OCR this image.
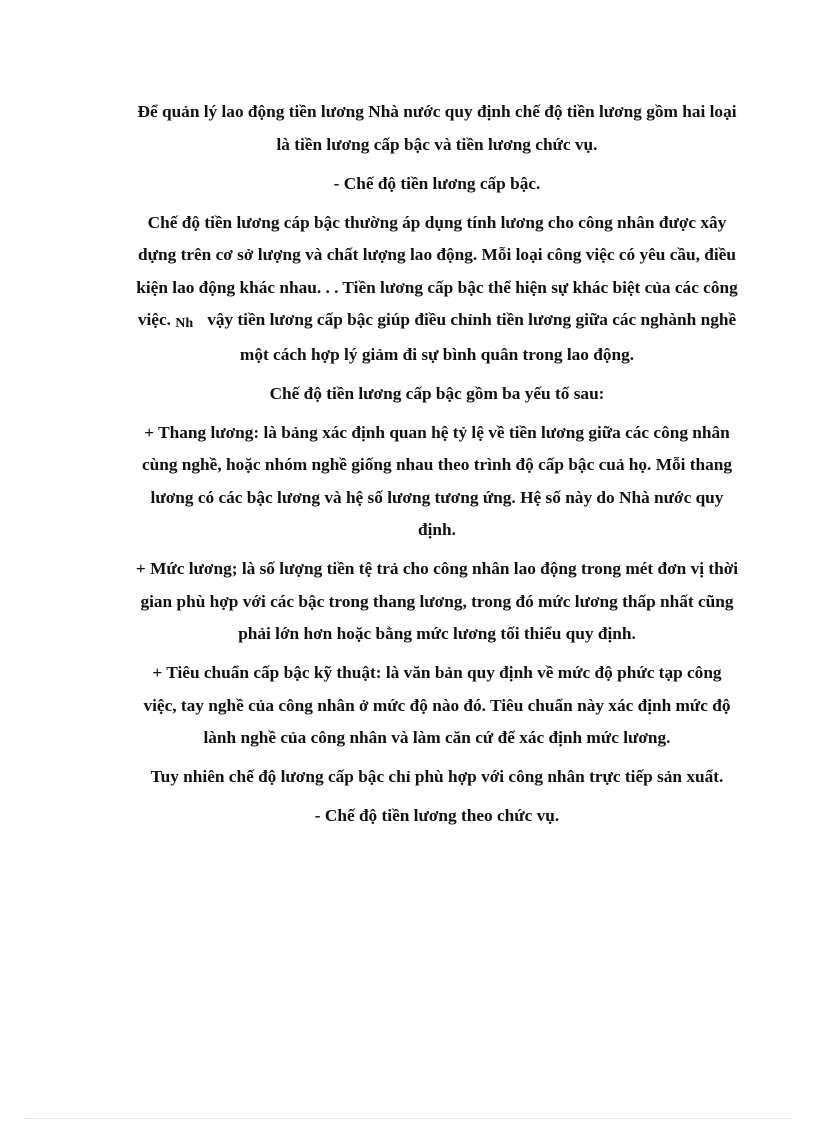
Để quản lý lao động tiền lương Nhà nước quy định chế độ tiền lương gồm hai loại là tiền lương cấp bậc và tiền lương chức vụ.

- Chế độ tiền lương cấp bậc.

Chế độ tiền lương cáp bậc thường áp dụng tính lương cho công nhân được xây dựng trên cơ sở lượng và chất lượng lao động. Mỗi loại công việc có yêu cầu, điều kiện lao động khác nhau. . . Tiền lương cấp bậc thể hiện sự khác biệt của các công việc. Nh vậy tiền lương cấp bậc giúp điều chỉnh tiền lương giữa các nghành nghề một cách hợp lý giảm đi sự bình quân trong lao động.

Chế độ tiền lương cấp bậc gồm ba yếu tố sau:

+ Thang lương: là bảng xác định quan hệ tỷ lệ về tiền lương giữa các công nhân cùng nghề, hoặc nhóm nghề giống nhau theo trình độ cấp bậc cuả họ. Mỗi thang lương có các bậc lương và hệ số lương tương ứng. Hệ số này do Nhà nước quy định.

+ Mức lương; là số lượng tiền tệ trả cho công nhân lao động trong mét đơn vị thời gian phù hợp với các bậc trong thang lương, trong đó mức lương thấp nhất cũng phải lớn hơn hoặc bằng mức lương tối thiểu quy định.

+ Tiêu chuẩn cấp bậc kỹ thuật: là văn bản quy định về mức độ phức tạp công việc, tay nghề của công nhân ở mức độ nào đó. Tiêu chuẩn này xác định mức độ lành nghề của công nhân và làm căn cứ để xác định mức lương.

Tuy nhiên chế độ lương cấp bậc chỉ phù hợp với công nhân trực tiếp sản xuất.

- Chế độ tiền lương theo chức vụ.
